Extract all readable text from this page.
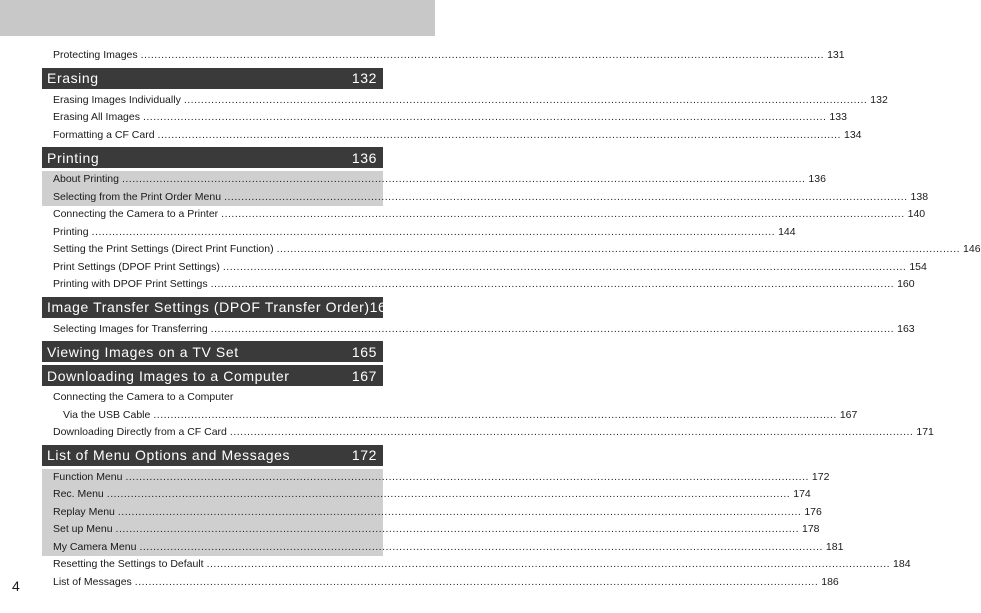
Protecting Images ........................................................................................................................................................................................................ 131
Erasing	132
Erasing Images Individually ........................................................................................................................................................................................................ 132
Erasing All Images ........................................................................................................................................................................................................ 133
Formatting a CF Card ........................................................................................................................................................................................................ 134
Printing	136
About Printing ........................................................................................................................................................................................................ 136
Selecting from the Print Order Menu ........................................................................................................................................................................................................ 138
Connecting the Camera to a Printer ........................................................................................................................................................................................................ 140
Printing ........................................................................................................................................................................................................ 144
Setting the Print Settings (Direct Print Function) ........................................................................................................................................................................................................ 146
Print Settings (DPOF Print Settings) ........................................................................................................................................................................................................ 154
Printing with DPOF Print Settings ........................................................................................................................................................................................................ 160
Image Transfer Settings (DPOF Transfer Order) 163
Selecting Images for Transferring ........................................................................................................................................................................................................ 163
Viewing Images on a TV Set	165
Downloading Images to a Computer	167
Connecting the Camera to a Computer
Via the USB Cable ........................................................................................................................................................................................................ 167
Downloading Directly from a CF Card ........................................................................................................................................................................................................ 171
List of Menu Options and Messages	172
Function Menu ........................................................................................................................................................................................................ 172
Rec. Menu ........................................................................................................................................................................................................ 174
Replay Menu ........................................................................................................................................................................................................ 176
Set up Menu ........................................................................................................................................................................................................ 178
My Camera Menu ........................................................................................................................................................................................................ 181
Resetting the Settings to Default ........................................................................................................................................................................................................ 184
List of Messages ........................................................................................................................................................................................................ 186
4
